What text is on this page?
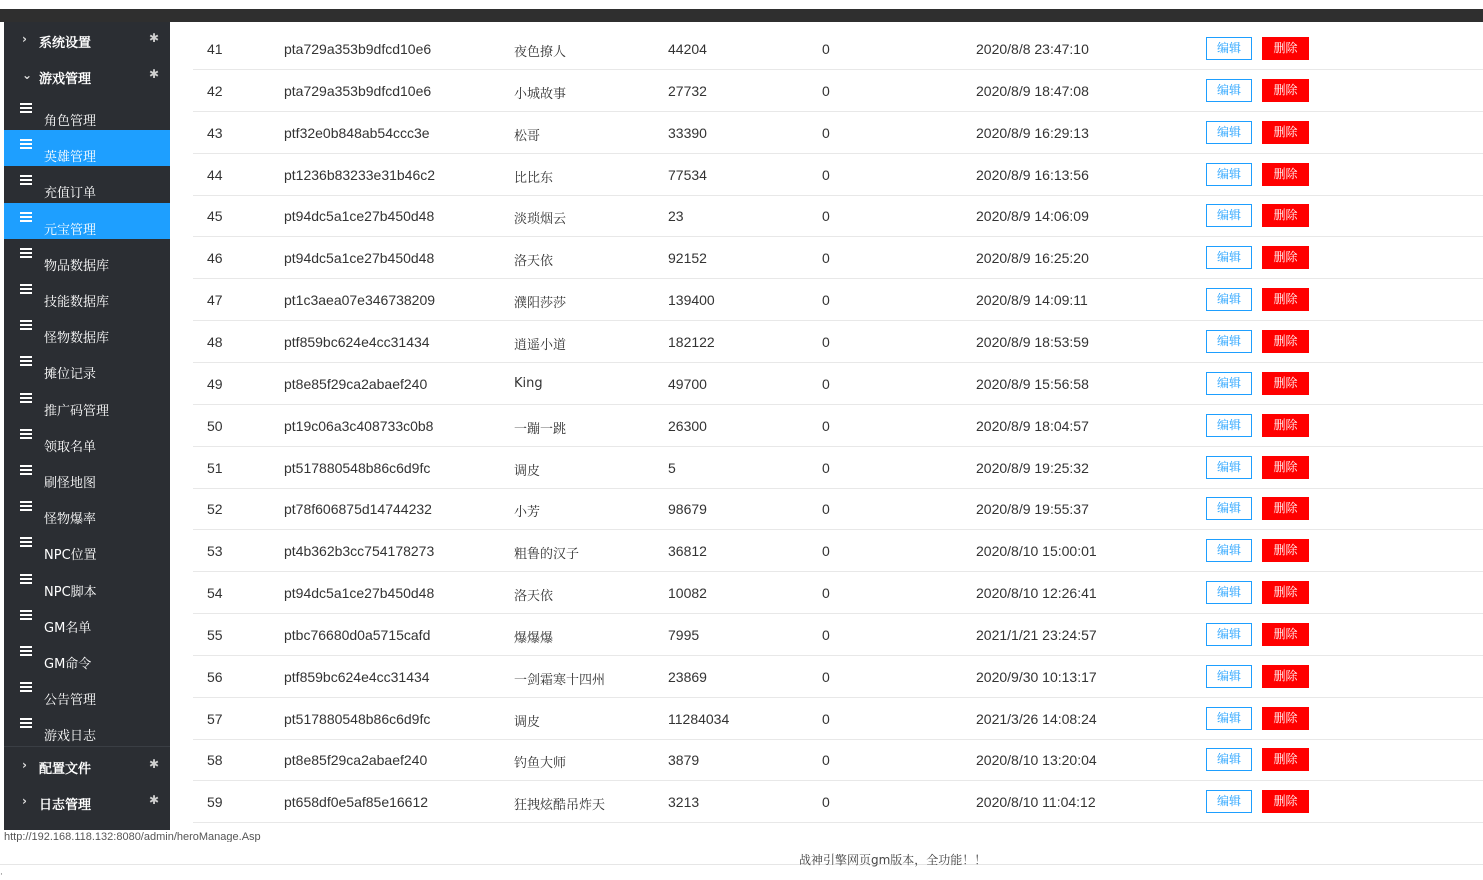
› 系统设置	✱
⌄ 游戏管理	✱
角色管理
英雄管理
充值订单
元宝管理
物品数据库
技能数据库
怪物数据库
摊位记录
推广码管理
领取名单
刷怪地图
怪物爆率
NPC位置
NPC脚本
GM名单
GM命令
公告管理
游戏日志
› 配置文件	✱
› 日志管理	✱
http://192.168.118.132:8080/admin/heroManage.Asp
41	pta729a353b9dfcd10e6	夜色撩人	44204	0	2020/8/8 23:47:10	编辑	删除
42	pta729a353b9dfcd10e6	小城故事	27732	0	2020/8/9 18:47:08	编辑	删除
43	ptf32e0b848ab54ccc3e	松哥	33390	0	2020/8/9 16:29:13	编辑	删除
44	pt1236b83233e31b46c2	比比东	77534	0	2020/8/9 16:13:56	编辑	删除
45	pt94dc5a1ce27b450d48	淡琐烟云	23	0	2020/8/9 14:06:09	编辑	删除
46	pt94dc5a1ce27b450d48	洛天依	92152	0	2020/8/9 16:25:20	编辑	删除
47	pt1c3aea07e346738209	濮阳莎莎	139400	0	2020/8/9 14:09:11	编辑	删除
48	ptf859bc624e4cc31434	逍遥小道	182122	0	2020/8/9 18:53:59	编辑	删除
49	pt8e85f29ca2abaef240	King	49700	0	2020/8/9 15:56:58	编辑	删除
50	pt19c06a3c408733c0b8	一蹦一跳	26300	0	2020/8/9 18:04:57	编辑	删除
51	pt517880548b86c6d9fc	调皮	5	0	2020/8/9 19:25:32	编辑	删除
52	pt78f606875d14744232	小芳	98679	0	2020/8/9 19:55:37	编辑	删除
53	pt4b362b3cc754178273	粗鲁的汉子	36812	0	2020/8/10 15:00:01	编辑	删除
54	pt94dc5a1ce27b450d48	洛天依	10082	0	2020/8/10 12:26:41	编辑	删除
55	ptbc76680d0a5715cafd	爆爆爆	7995	0	2021/1/21 23:24:57	编辑	删除
56	ptf859bc624e4cc31434	一剑霜寒十四州	23869	0	2020/9/30 10:13:17	编辑	删除
57	pt517880548b86c6d9fc	调皮	11284034	0	2021/3/26 14:08:24	编辑	删除
58	pt8e85f29ca2abaef240	钓鱼大师	3879	0	2020/8/10 13:20:04	编辑	删除
59	pt658df0e5af85e16612	狂拽炫酷吊炸天	3213	0	2020/8/10 11:04:12	编辑	删除
战神引擎网页gm版本，全功能！！
·
